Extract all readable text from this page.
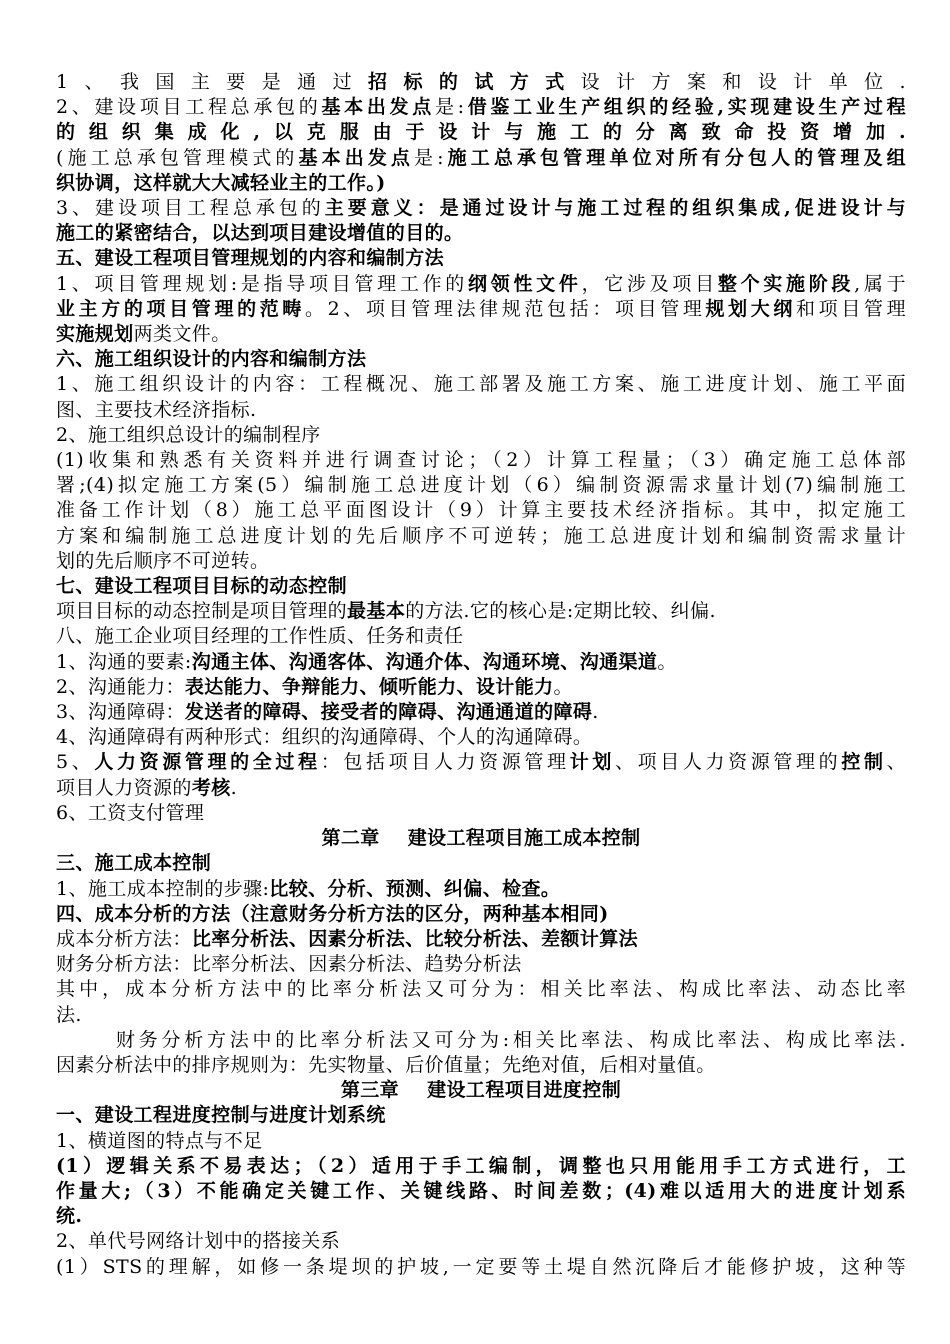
1、我国主要是通过招标的试方式设计方案和设计单位.
2、建设项目工程总承包的基本出发点是:借鉴工业生产组织的经验,实现建设生产过程
的组织集成化,以克服由于设计与施工的分离致命投资增加.
(施工总承包管理模式的基本出发点是:施工总承包管理单位对所有分包人的管理及组
织协调，这样就大大减轻业主的工作。)
3、建设项目工程总承包的主要意义：是通过设计与施工过程的组织集成,促进设计与
施工的紧密结合，以达到项目建设增值的目的。
五、建设工程项目管理规划的内容和编制方法
1、项目管理规划:是指导项目管理工作的纲领性文件，它涉及项目整个实施阶段,属于
业主方的项目管理的范畴。2、项目管理法律规范包括：项目管理规划大纲和项目管理
实施规划两类文件。
六、施工组织设计的内容和编制方法
1、施工组织设计的内容：工程概况、施工部署及施工方案、施工进度计划、施工平面
图、主要技术经济指标.
2、施工组织总设计的编制程序
(1)收集和熟悉有关资料并进行调查讨论；（2）计算工程量；（3）确定施工总体部
署;(4)拟定施工方案(5）编制施工总进度计划（6）编制资源需求量计划(7)编制施工
准备工作计划（8）施工总平面图设计（9）计算主要技术经济指标。其中，拟定施工
方案和编制施工总进度计划的先后顺序不可逆转；施工总进度计划和编制资需求量计
划的先后顺序不可逆转。
七、建设工程项目目标的动态控制
项目目标的动态控制是项目管理的最基本的方法.它的核心是:定期比较、纠偏.
八、施工企业项目经理的工作性质、任务和责任
1、沟通的要素:沟通主体、沟通客体、沟通介体、沟通环境、沟通渠道。
2、沟通能力：表达能力、争辩能力、倾听能力、设计能力。
3、沟通障碍：发送者的障碍、接受者的障碍、沟通通道的障碍.
4、沟通障碍有两种形式：组织的沟通障碍、个人的沟通障碍。
5、人力资源管理的全过程：包括项目人力资源管理计划、项目人力资源管理的控制、
项目人力资源的考核.
6、工资支付管理
第二章    建设工程项目施工成本控制
三、施工成本控制
1、施工成本控制的步骤:比较、分析、预测、纠偏、检查。
四、成本分析的方法（注意财务分析方法的区分，两种基本相同)
成本分析方法：比率分析法、因素分析法、比较分析法、差额计算法
财务分析方法：比率分析法、因素分析法、趋势分析法
其中，成本分析方法中的比率分析法又可分为：相关比率法、构成比率法、动态比率
法.
财务分析方法中的比率分析法又可分为:相关比率法、构成比率法、构成比率法.
因素分析法中的排序规则为：先实物量、后价值量；先绝对值，后相对量值。
第三章    建设工程项目进度控制
一、建设工程进度控制与进度计划系统
1、横道图的特点与不足
(1）逻辑关系不易表达；（2）适用于手工编制，调整也只用能用手工方式进行，工
作量大;（3）不能确定关键工作、关键线路、时间差数；(4)难以适用大的进度计划系
统.
2、单代号网络计划中的搭接关系
(1）STS的理解，如修一条堤坝的护坡,一定要等土堤自然沉降后才能修护坡，这种等
